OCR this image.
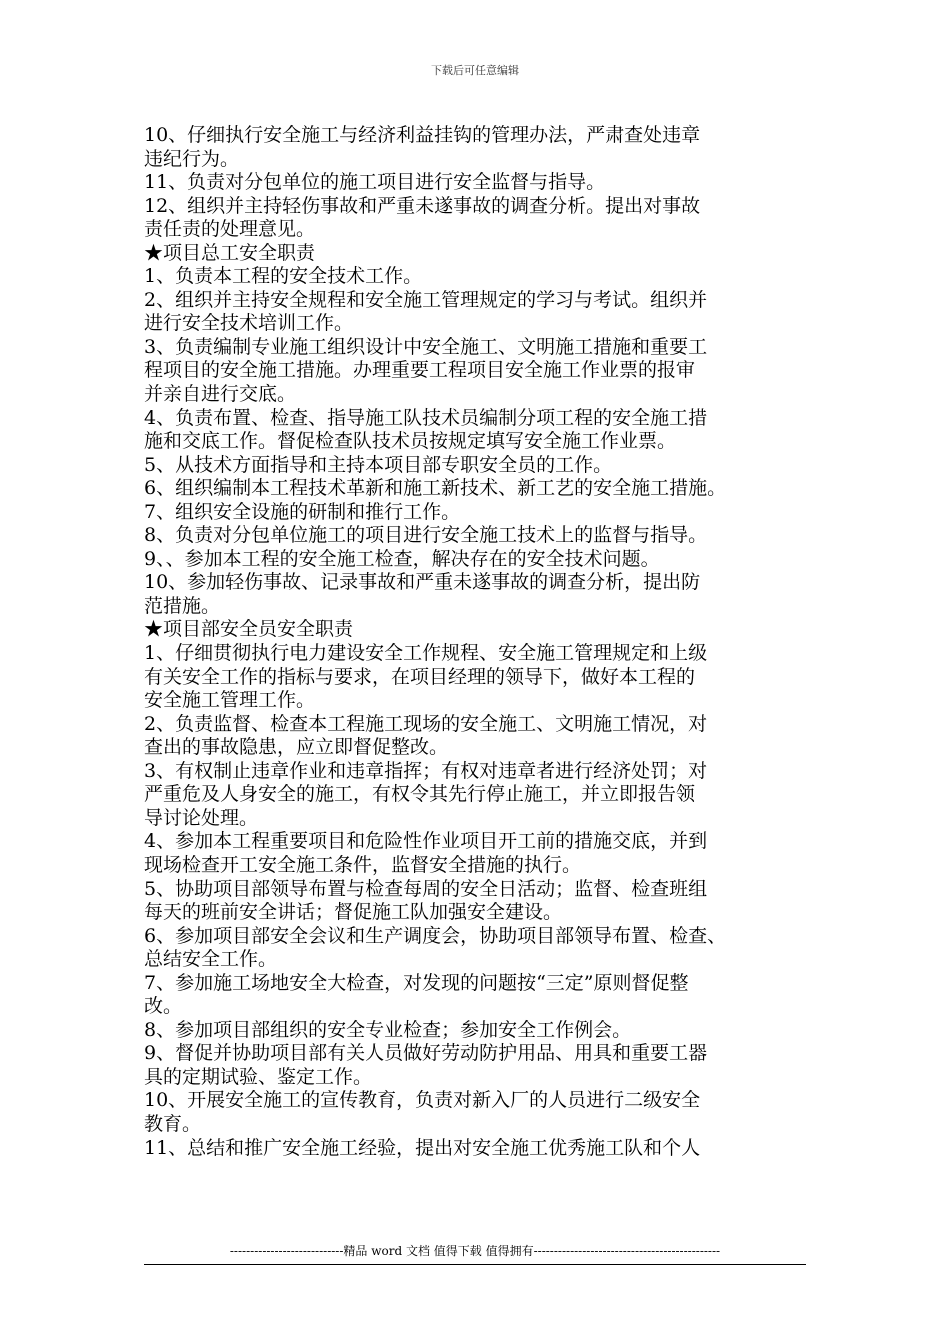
下载后可任意编辑
10、仔细执行安全施工与经济利益挂钩的管理办法，严肃查处违章
违纪行为。
11、负责对分包单位的施工项目进行安全监督与指导。
12、组织并主持轻伤事故和严重未遂事故的调查分析。提出对事故
责任责的处理意见。
★项目总工安全职责
1、负责本工程的安全技术工作。
2、组织并主持安全规程和安全施工管理规定的学习与考试。组织并
进行安全技术培训工作。
3、负责编制专业施工组织设计中安全施工、文明施工措施和重要工
程项目的安全施工措施。办理重要工程项目安全施工作业票的报审
并亲自进行交底。
4、负责布置、检查、指导施工队技术员编制分项工程的安全施工措
施和交底工作。督促检查队技术员按规定填写安全施工作业票。
5、从技术方面指导和主持本项目部专职安全员的工作。
6、组织编制本工程技术革新和施工新技术、新工艺的安全施工措施。
7、组织安全设施的研制和推行工作。
8、负责对分包单位施工的项目进行安全施工技术上的监督与指导。
9、、参加本工程的安全施工检查，解决存在的安全技术问题。
10、参加轻伤事故、记录事故和严重未遂事故的调查分析，提出防
范措施。
★项目部安全员安全职责
1、仔细贯彻执行电力建设安全工作规程、安全施工管理规定和上级
有关安全工作的指标与要求，在项目经理的领导下，做好本工程的
安全施工管理工作。
2、负责监督、检查本工程施工现场的安全施工、文明施工情况，对
查出的事故隐患，应立即督促整改。
3、有权制止违章作业和违章指挥；有权对违章者进行经济处罚；对
严重危及人身安全的施工，有权令其先行停止施工，并立即报告领
导讨论处理。
4、参加本工程重要项目和危险性作业项目开工前的措施交底，并到
现场检查开工安全施工条件，监督安全措施的执行。
5、协助项目部领导布置与检查每周的安全日活动；监督、检查班组
每天的班前安全讲话；督促施工队加强安全建设。
6、参加项目部安全会议和生产调度会，协助项目部领导布置、检查、
总结安全工作。
7、参加施工场地安全大检查，对发现的问题按“三定”原则督促整
改。
8、参加项目部组织的安全专业检查；参加安全工作例会。
9、督促并协助项目部有关人员做好劳动防护用品、用具和重要工器
具的定期试验、鉴定工作。
10、开展安全施工的宣传教育，负责对新入厂的人员进行二级安全
教育。
11、总结和推广安全施工经验，提出对安全施工优秀施工队和个人
----------------------------精品 word 文档 值得下载 值得拥有----------------------------------------------
